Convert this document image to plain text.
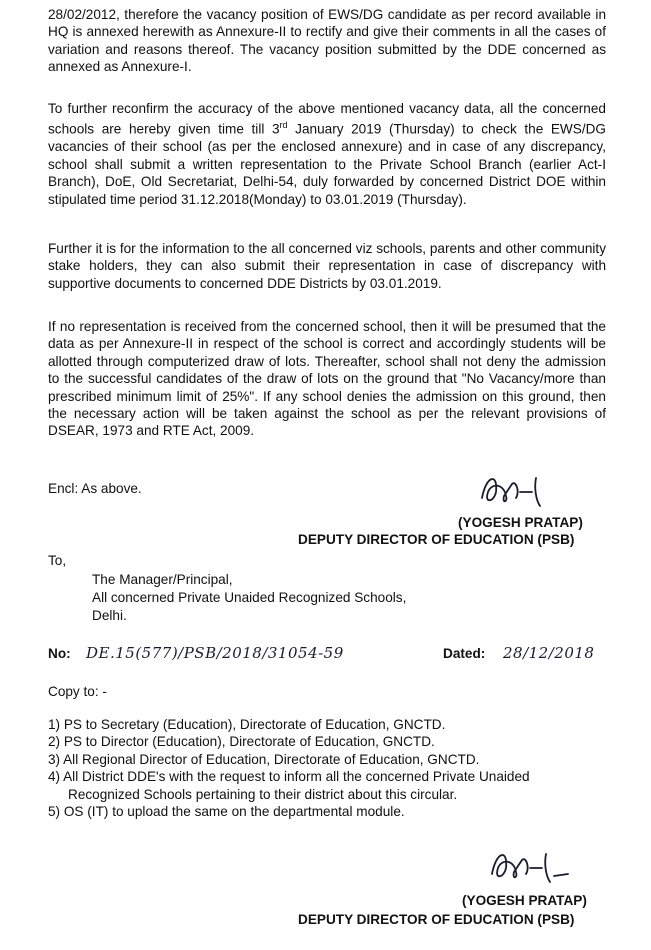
28/02/2012, therefore the vacancy position of EWS/DG candidate as per record available in HQ is annexed herewith as Annexure-II to rectify and give their comments in all the cases of variation and reasons thereof. The vacancy position submitted by the DDE concerned as annexed as Annexure-I.

To further reconfirm the accuracy of the above mentioned vacancy data, all the concerned schools are hereby given time till 3rd January 2019 (Thursday) to check the EWS/DG vacancies of their school (as per the enclosed annexure) and in case of any discrepancy, school shall submit a written representation to the Private School Branch (earlier Act-I Branch), DoE, Old Secretariat, Delhi-54, duly forwarded by concerned District DOE within stipulated time period 31.12.2018(Monday) to 03.01.2019 (Thursday).

Further it is for the information to the all concerned viz schools, parents and other community stake holders, they can also submit their representation in case of discrepancy with supportive documents to concerned DDE Districts by 03.01.2019.

If no representation is received from the concerned school, then it will be presumed that the data as per Annexure-II in respect of the school is correct and accordingly students will be allotted through computerized draw of lots. Thereafter, school shall not deny the admission to the successful candidates of the draw of lots on the ground that "No Vacancy/more than prescribed minimum limit of 25%". If any school denies the admission on this ground, then the necessary action will be taken against the school as per the relevant provisions of DSEAR, 1973 and RTE Act, 2009.

Encl: As above.
(YOGESH PRATAP)
DEPUTY DIRECTOR OF EDUCATION (PSB)
To,
The Manager/Principal,
All concerned Private Unaided Recognized Schools,
Delhi.
No: DE.15(577)/PSB/2018/31054-59	Dated: 28/12/2018
Copy to: -
1) PS to Secretary (Education), Directorate of Education, GNCTD.
2) PS to Director (Education), Directorate of Education, GNCTD.
3) All Regional Director of Education, Directorate of Education, GNCTD.
4) All District DDE's with the request to inform all the concerned Private Unaided
Recognized Schools pertaining to their district about this circular.
5) OS (IT) to upload the same on the departmental module.
(YOGESH PRATAP)
DEPUTY DIRECTOR OF EDUCATION (PSB)
